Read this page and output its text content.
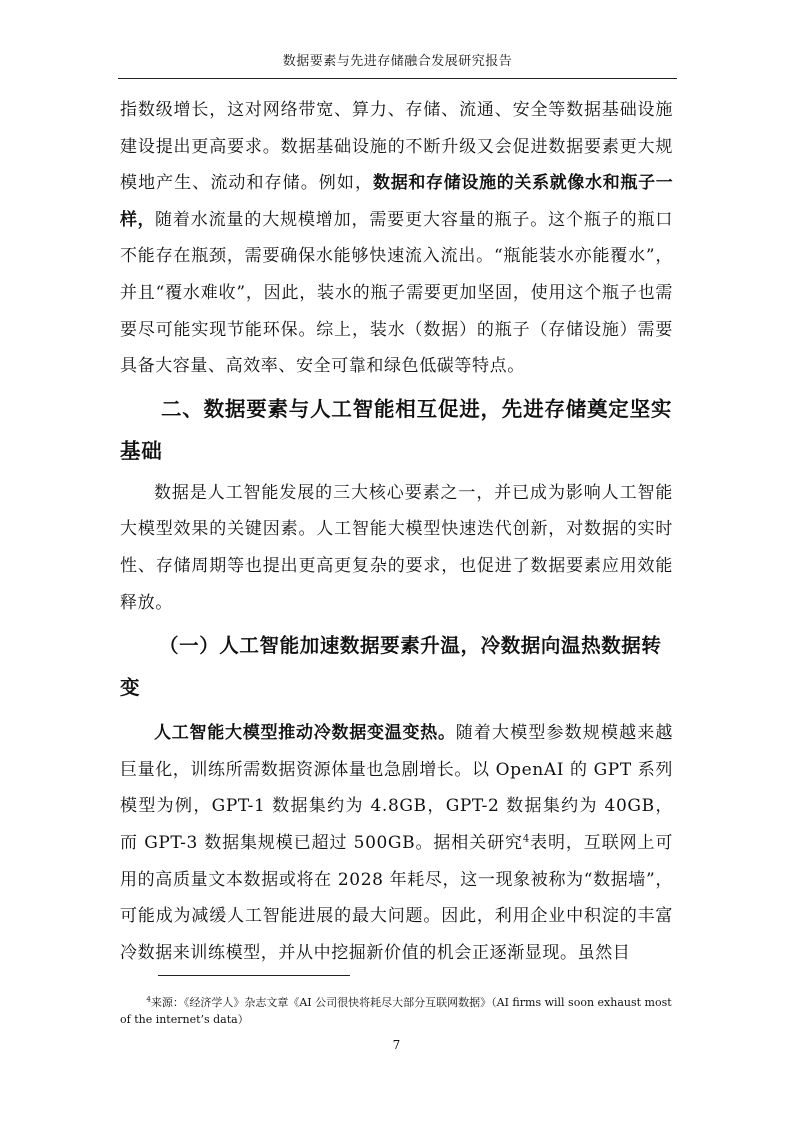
数据要素与先进存储融合发展研究报告

指数级增长，这对网络带宽、算力、存储、流通、安全等数据基础设施建设提出更高要求。数据基础设施的不断升级又会促进数据要素更大规模地产生、流动和存储。例如，数据和存储设施的关系就像水和瓶子一样，随着水流量的大规模增加，需要更大容量的瓶子。这个瓶子的瓶口不能存在瓶颈，需要确保水能够快速流入流出。“瓶能装水亦能覆水”，并且“覆水难收”，因此，装水的瓶子需要更加坚固，使用这个瓶子也需要尽可能实现节能环保。综上，装水（数据）的瓶子（存储设施）需要具备大容量、高效率、安全可靠和绿色低碳等特点。

二、数据要素与人工智能相互促进，先进存储奠定坚实基础

数据是人工智能发展的三大核心要素之一，并已成为影响人工智能大模型效果的关键因素。人工智能大模型快速迭代创新，对数据的实时性、存储周期等也提出更高更复杂的要求，也促进了数据要素应用效能释放。

（一）人工智能加速数据要素升温，冷数据向温热数据转变

人工智能大模型推动冷数据变温变热。随着大模型参数规模越来越巨量化，训练所需数据资源体量也急剧增长。以 OpenAI 的 GPT 系列模型为例，GPT-1 数据集约为 4.8GB，GPT-2 数据集约为 40GB，而 GPT-3 数据集规模已超过 500GB。据相关研究$^4$表明，互联网上可用的高质量文本数据或将在 2028 年耗尽，这一现象被称为“数据墙”，可能成为减缓人工智能进展的最大问题。因此，利用企业中积淀的丰富冷数据来训练模型，并从中挖掘新价值的机会正逐渐显现。虽然目

$^4$来源：《经济学人》杂志文章《AI 公司很快将耗尽大部分互联网数据》（AI firms will soon exhaust most of the internet’s data）
7
